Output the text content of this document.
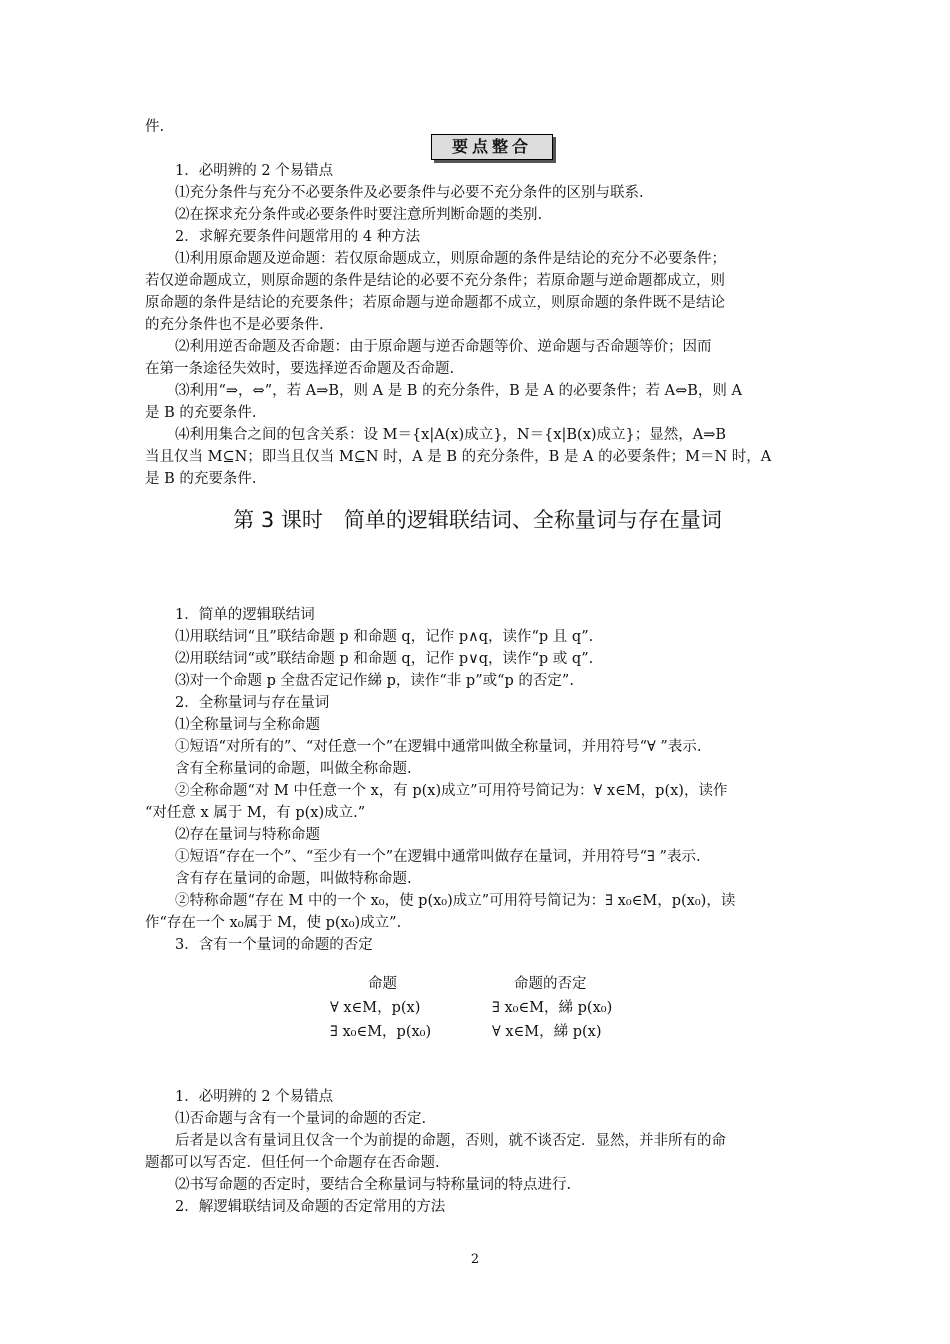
件.
要点整合
1．必明辨的 2 个易错点
⑴充分条件与充分不必要条件及必要条件与必要不充分条件的区别与联系.
⑵在探求充分条件或必要条件时要注意所判断命题的类别.
2．求解充要条件问题常用的 4 种方法
⑴利用原命题及逆命题：若仅原命题成立，则原命题的条件是结论的充分不必要条件；
若仅逆命题成立，则原命题的条件是结论的必要不充分条件；若原命题与逆命题都成立，则
原命题的条件是结论的充要条件；若原命题与逆命题都不成立，则原命题的条件既不是结论
的充分条件也不是必要条件.
⑵利用逆否命题及否命题：由于原命题与逆否命题等价、逆命题与否命题等价；因而
在第一条途径失效时，要选择逆否命题及否命题.
⑶利用“⇒，⇔”，若 A⇒B，则 A 是 B 的充分条件，B 是 A 的必要条件；若 A⇔B，则 A
是 B 的充要条件.
⑷利用集合之间的包含关系：设 M＝{x|A(x)成立}，N＝{x|B(x)成立}；显然，A⇒B
当且仅当 M⊆N；即当且仅当 M⊆N 时，A 是 B 的充分条件，B 是 A 的必要条件；M＝N 时，A
是 B 的充要条件.
第 3 课时　简单的逻辑联结词、全称量词与存在量词
1．简单的逻辑联结词
⑴用联结词“且”联结命题 p 和命题 q，记作 p∧q，读作“p 且 q”.
⑵用联结词“或”联结命题 p 和命题 q，记作 p∨q，读作“p 或 q”.
⑶对一个命题 p 全盘否定记作綈 p，读作“非 p”或“p 的否定”.
2．全称量词与存在量词
⑴全称量词与全称命题
①短语“对所有的”、“对任意一个”在逻辑中通常叫做全称量词，并用符号“∀ ”表示.
含有全称量词的命题，叫做全称命题.
②全称命题“对 M 中任意一个 x，有 p(x)成立”可用符号简记为：∀ x∈M，p(x)，读作
“对任意 x 属于 M，有 p(x)成立.”
⑵存在量词与特称命题
①短语“存在一个”、“至少有一个”在逻辑中通常叫做存在量词，并用符号“∃ ”表示.
含有存在量词的命题，叫做特称命题.
②特称命题“存在 M 中的一个 x₀，使 p(x₀)成立”可用符号简记为：∃ x₀∈M，p(x₀)，读
作“存在一个 x₀属于 M，使 p(x₀)成立”.
3．含有一个量词的命题的否定
命题
∀ x∈M，p(x)
∃ x₀∈M，p(x₀)
命题的否定
∃ x₀∈M，綈 p(x₀)
∀ x∈M，綈 p(x)
1．必明辨的 2 个易错点
⑴否命题与含有一个量词的命题的否定.
后者是以含有量词且仅含一个为前提的命题，否则，就不谈否定．显然，并非所有的命
题都可以写否定．但任何一个命题存在否命题.
⑵书写命题的否定时，要结合全称量词与特称量词的特点进行.
2．解逻辑联结词及命题的否定常用的方法
2
